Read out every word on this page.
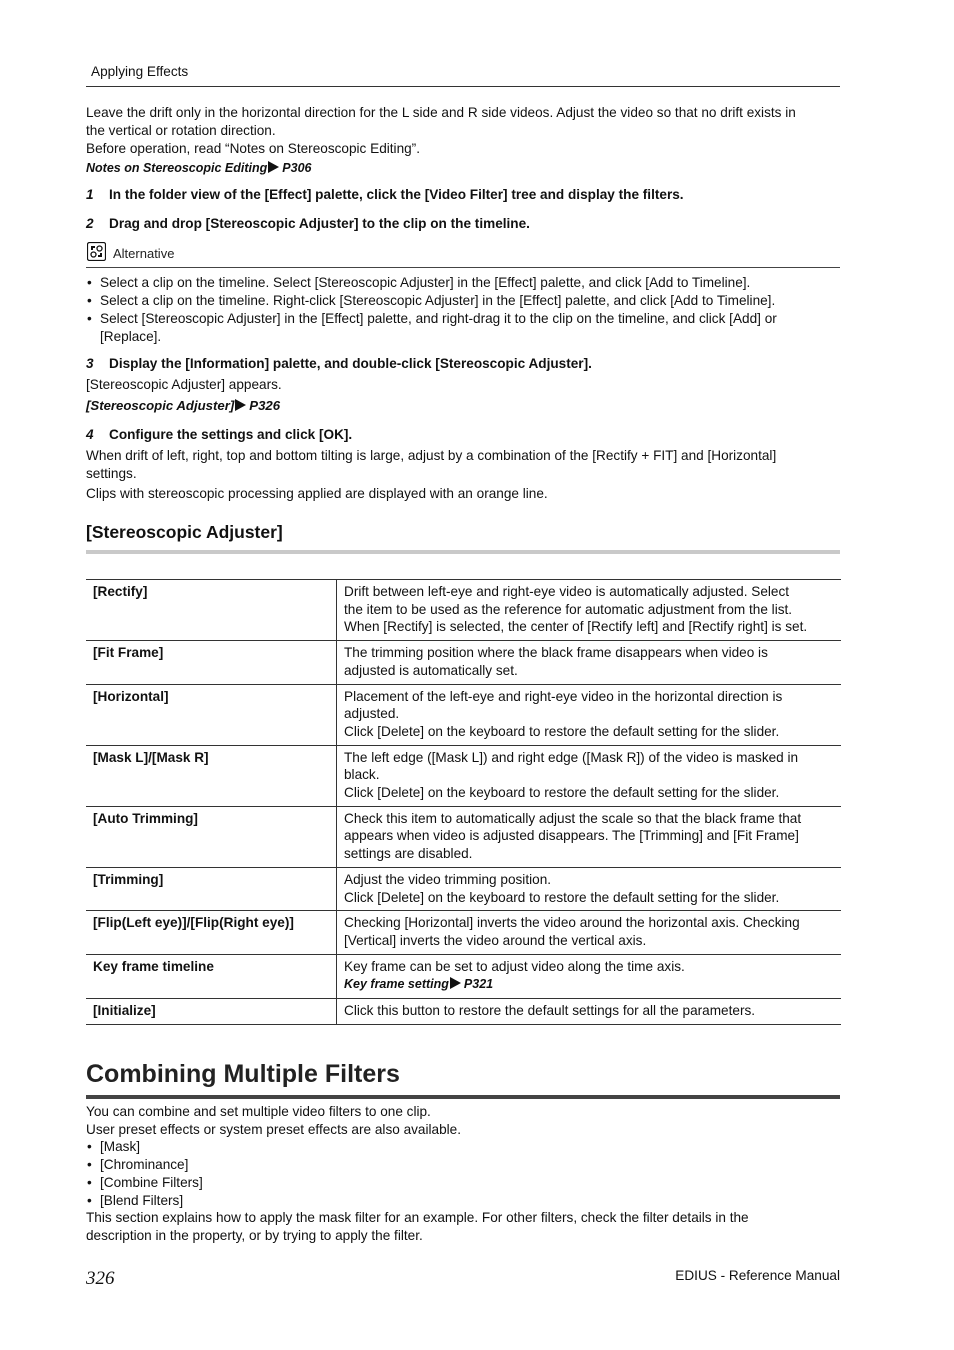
Applying Effects

Leave the drift only in the horizontal direction for the L side and R side videos. Adjust the video so that no drift exists in
the vertical or rotation direction.
Before operation, read “Notes on Stereoscopic Editing”.

Notes on Stereoscopic Editing P306
1 In the folder view of the [Effect] palette, click the [Video Filter] tree and display the filters.
2 Drag and drop [Stereoscopic Adjuster] to the clip on the timeline.
Alternative
• Select a clip on the timeline. Select [Stereoscopic Adjuster] in the [Effect] palette, and click [Add to Timeline].
• Select a clip on the timeline. Right-click [Stereoscopic Adjuster] in the [Effect] palette, and click [Add to Timeline].
• Select [Stereoscopic Adjuster] in the [Effect] palette, and right-drag it to the clip on the timeline, and click [Add] or
[Replace].
3 Display the [Information] palette, and double-click [Stereoscopic Adjuster].

[Stereoscopic Adjuster] appears.

[Stereoscopic Adjuster] P326
4 Configure the settings and click [OK].

When drift of left, right, top and bottom tilting is large, adjust by a combination of the [Rectify + FIT] and [Horizontal]
settings.

Clips with stereoscopic processing applied are displayed with an orange line.

[Stereoscopic Adjuster]
[Rectify]	Drift between left-eye and right-eye video is automatically adjusted. Select
the item to be used as the reference for automatic adjustment from the list.
When [Rectify] is selected, the center of [Rectify left] and [Rectify right] is set.
[Fit Frame]	The trimming position where the black frame disappears when video is
adjusted is automatically set.
[Horizontal]	Placement of the left-eye and right-eye video in the horizontal direction is
adjusted.
Click [Delete] on the keyboard to restore the default setting for the slider.
[Mask L]/[Mask R]	The left edge ([Mask L]) and right edge ([Mask R]) of the video is masked in
black.
Click [Delete] on the keyboard to restore the default setting for the slider.
[Auto Trimming]	Check this item to automatically adjust the scale so that the black frame that
appears when video is adjusted disappears. The [Trimming] and [Fit Frame]
settings are disabled.
[Trimming]	Adjust the video trimming position.
Click [Delete] on the keyboard to restore the default setting for the slider.
[Flip(Left eye)]/[Flip(Right eye)]	Checking [Horizontal] inverts the video around the horizontal axis. Checking
[Vertical] inverts the video around the vertical axis.
Key frame timeline	Key frame can be set to adjust video along the time axis.
Key frame setting P321
[Initialize]	Click this button to restore the default settings for all the parameters.
Combining Multiple Filters

You can combine and set multiple video filters to one clip.
User preset effects or system preset effects are also available.

• [Mask]
• [Chrominance]
• [Combine Filters]
• [Blend Filters]

This section explains how to apply the mask filter for an example. For other filters, check the filter details in the
description in the property, or by trying to apply the filter.

326	EDIUS - Reference Manual
